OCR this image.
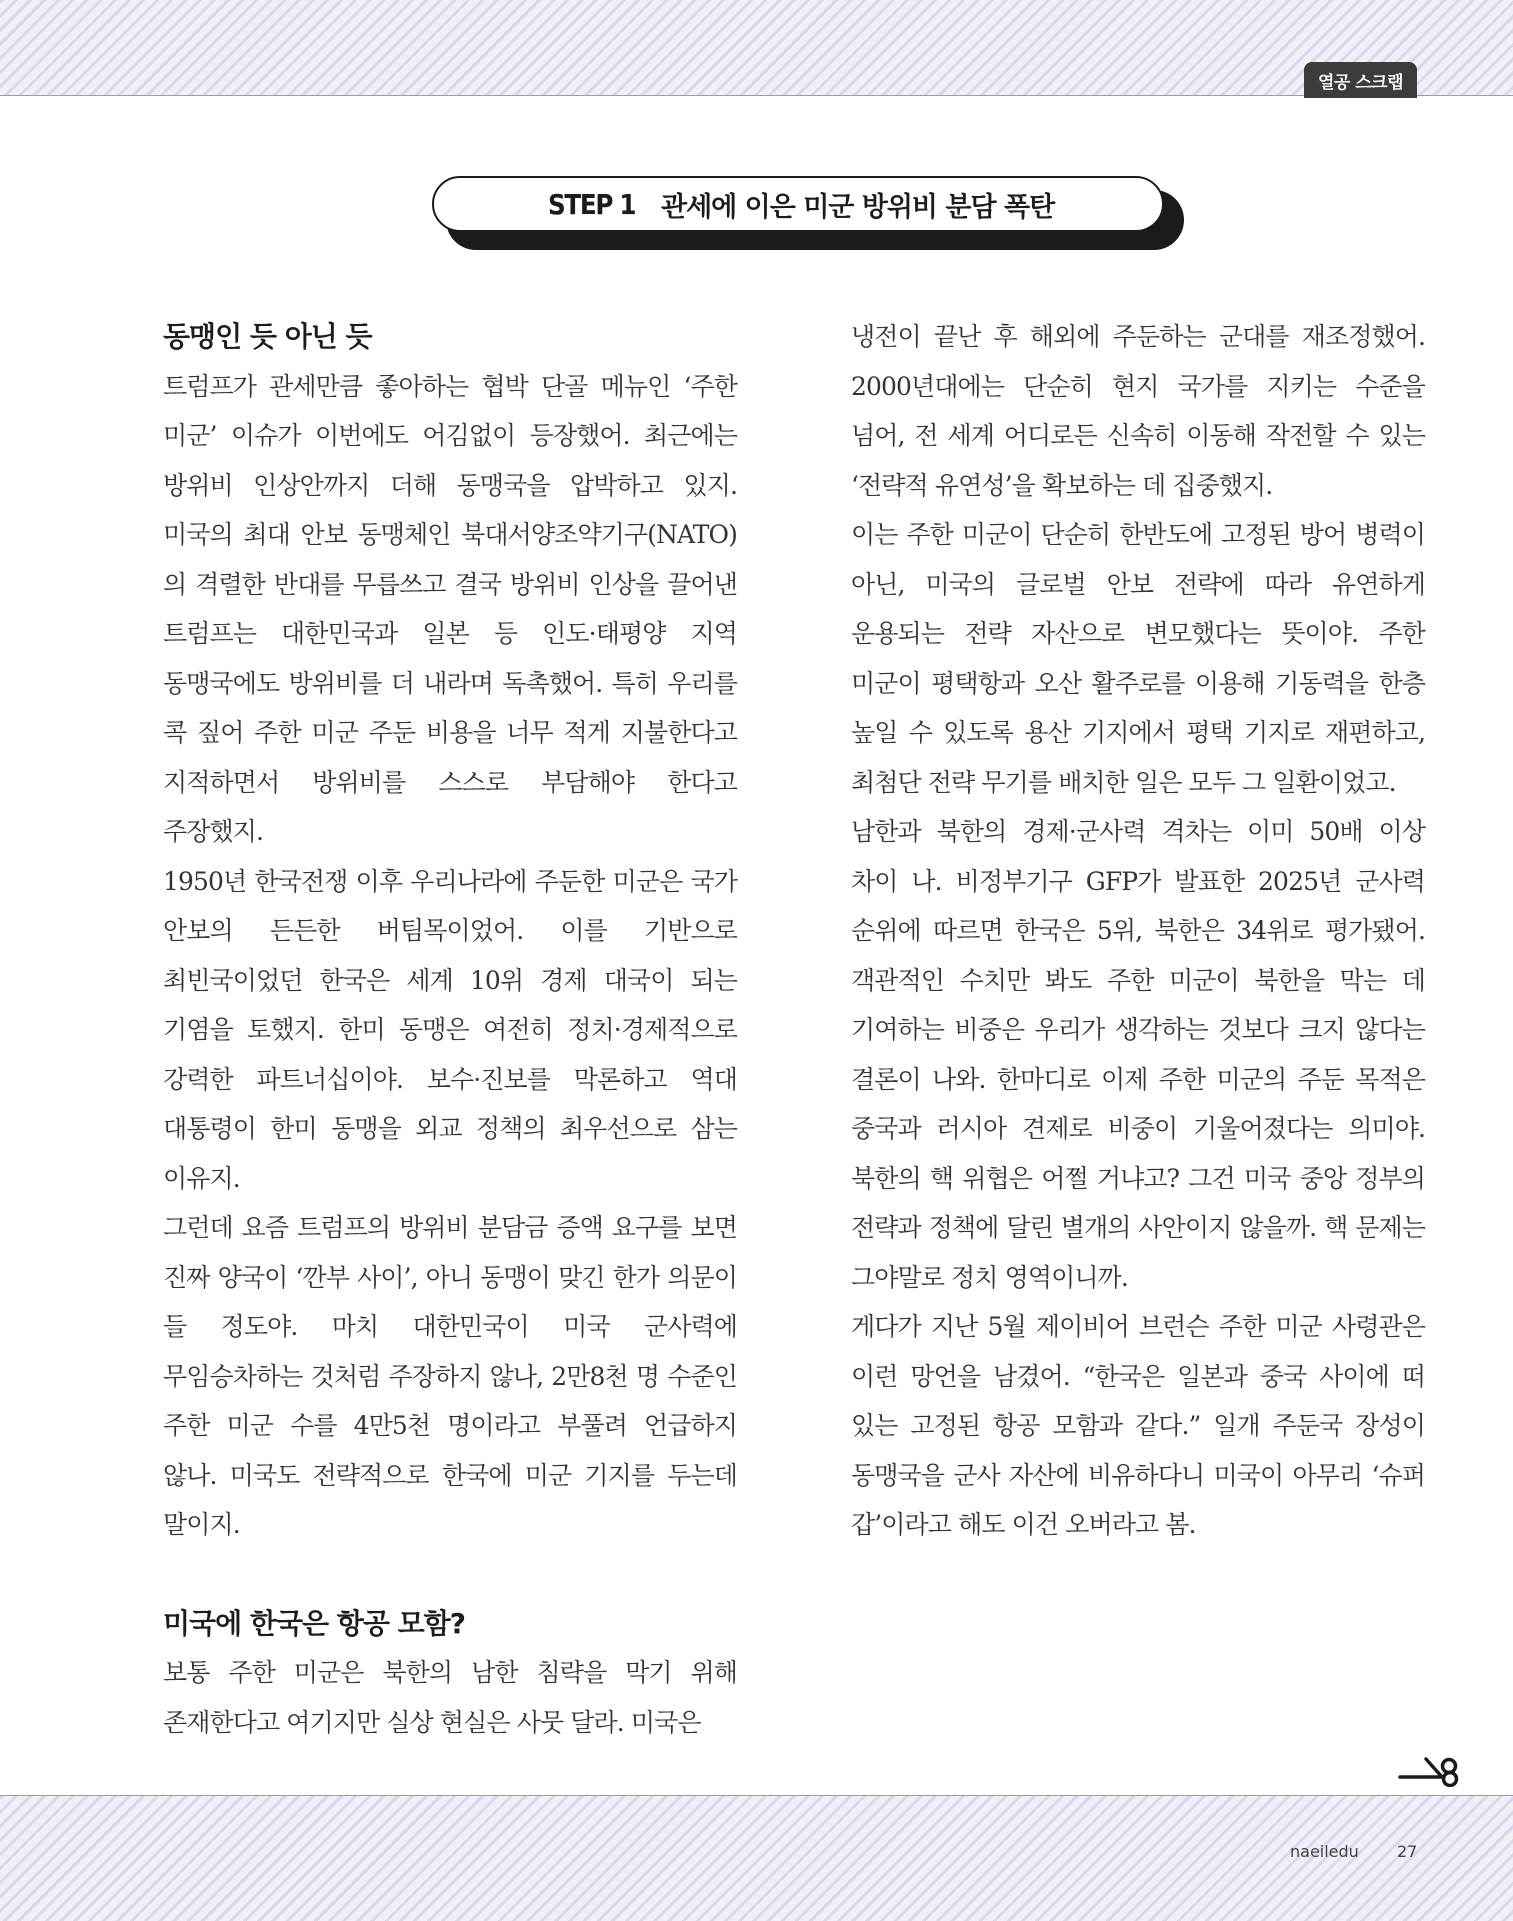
열공 스크랩
STEP 1 관세에 이은 미군 방위비 분담 폭탄
동맹인 듯 아닌 듯

트럼프가 관세만큼 좋아하는 협박 단골 메뉴인 ‘주한 미군’ 이슈가 이번에도 어김없이 등장했어. 최근에는 방위비 인상안까지 더해 동맹국을 압박하고 있지. 미국의 최대 안보 동맹체인 북대서양조약기구(NATO)의 격렬한 반대를 무릅쓰고 결국 방위비 인상을 끌어낸 트럼프는 대한민국과 일본 등 인도·태평양 지역 동맹국에도 방위비를 더 내라며 독촉했어. 특히 우리를 콕 짚어 주한 미군 주둔 비용을 너무 적게 지불한다고 지적하면서 방위비를 스스로 부담해야 한다고 주장했지.

1950년 한국전쟁 이후 우리나라에 주둔한 미군은 국가 안보의 든든한 버팀목이었어. 이를 기반으로 최빈국이었던 한국은 세계 10위 경제 대국이 되는 기염을 토했지. 한미 동맹은 여전히 정치·경제적으로 강력한 파트너십이야. 보수·진보를 막론하고 역대 대통령이 한미 동맹을 외교 정책의 최우선으로 삼는 이유지.

그런데 요즘 트럼프의 방위비 분담금 증액 요구를 보면 진짜 양국이 ‘깐부 사이’, 아니 동맹이 맞긴 한가 의문이 들 정도야. 마치 대한민국이 미국 군사력에 무임승차하는 것처럼 주장하지 않나, 2만8천 명 수준인 주한 미군 수를 4만5천 명이라고 부풀려 언급하지 않나. 미국도 전략적으로 한국에 미군 기지를 두는데 말이지.

미국에 한국은 항공 모함?

보통 주한 미군은 북한의 남한 침략을 막기 위해 존재한다고 여기지만 실상 현실은 사뭇 달라. 미국은

냉전이 끝난 후 해외에 주둔하는 군대를 재조정했어. 2000년대에는 단순히 현지 국가를 지키는 수준을 넘어, 전 세계 어디로든 신속히 이동해 작전할 수 있는 ‘전략적 유연성’을 확보하는 데 집중했지.

이는 주한 미군이 단순히 한반도에 고정된 방어 병력이 아닌, 미국의 글로벌 안보 전략에 따라 유연하게 운용되는 전략 자산으로 변모했다는 뜻이야. 주한 미군이 평택항과 오산 활주로를 이용해 기동력을 한층 높일 수 있도록 용산 기지에서 평택 기지로 재편하고, 최첨단 전략 무기를 배치한 일은 모두 그 일환이었고.

남한과 북한의 경제·군사력 격차는 이미 50배 이상 차이 나. 비정부기구 GFP가 발표한 2025년 군사력 순위에 따르면 한국은 5위, 북한은 34위로 평가됐어. 객관적인 수치만 봐도 주한 미군이 북한을 막는 데 기여하는 비중은 우리가 생각하는 것보다 크지 않다는 결론이 나와. 한마디로 이제 주한 미군의 주둔 목적은 중국과 러시아 견제로 비중이 기울어졌다는 의미야. 북한의 핵 위협은 어쩔 거냐고? 그건 미국 중앙 정부의 전략과 정책에 달린 별개의 사안이지 않을까. 핵 문제는 그야말로 정치 영역이니까.

게다가 지난 5월 제이비어 브런슨 주한 미군 사령관은 이런 망언을 남겼어. “한국은 일본과 중국 사이에 떠 있는 고정된 항공 모함과 같다.” 일개 주둔국 장성이 동맹국을 군사 자산에 비유하다니 미국이 아무리 ‘슈퍼 갑’이라고 해도 이건 오버라고 봄.

naeiledu 27
